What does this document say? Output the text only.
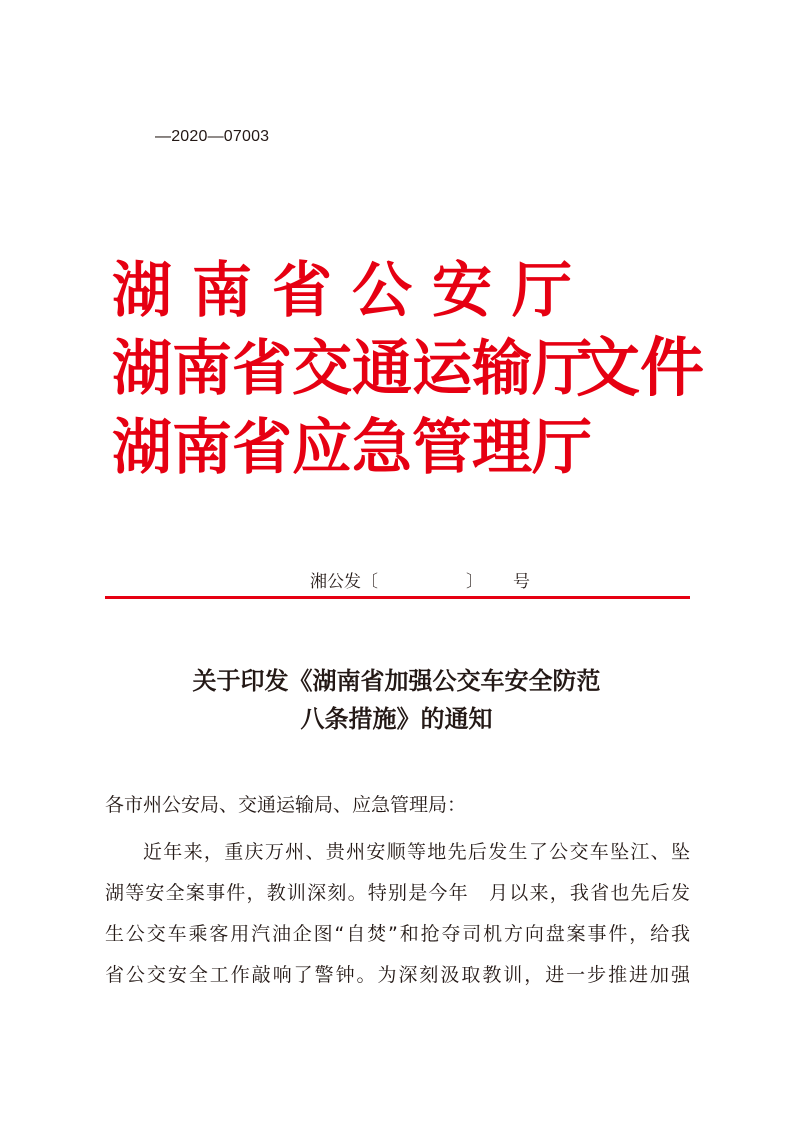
—2020—07003
湖南省公安厅
湖南省交通运输厅
湖南省应急管理厅
文件
湘公发〔	〕 号
关于印发《湖南省加强公交车安全防范
八条措施》的通知
各市州公安局、交通运输局、应急管理局：
近年来，重庆万州、贵州安顺等地先后发生了公交车坠江、坠
湖等安全案事件，教训深刻。特别是今年　月以来，我省也先后发
生公交车乘客用汽油企图“自焚”和抢夺司机方向盘案事件，给我
省公交安全工作敲响了警钟。为深刻汲取教训，进一步推进加强
